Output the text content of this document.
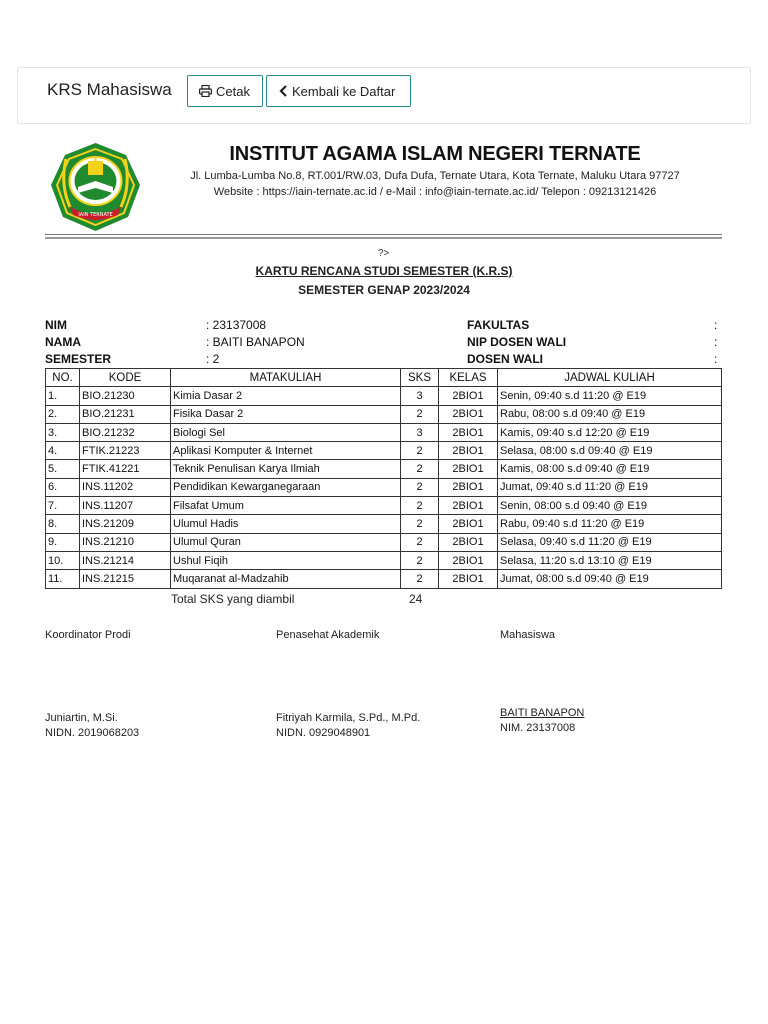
KRS Mahasiswa	Cetak	Kembali ke Daftar
IAIN TERNATE
INSTITUT AGAMA ISLAM NEGERI TERNATE
Jl. Lumba-Lumba No.8, RT.001/RW.03, Dufa Dufa, Ternate Utara, Kota Ternate, Maluku Utara 97727
Website : https://iain-ternate.ac.id / e-Mail : info@iain-ternate.ac.id/ Telepon : 09213121426
?>
KARTU RENCANA STUDI SEMESTER (K.R.S)
SEMESTER GENAP 2023/2024
NIM	: 23137008
NAMA	: BAITI BANAPON
SEMESTER	: 2
FAKULTAS	:
NIP DOSEN WALI	:
DOSEN WALI	:
NO.	KODE	MATAKULIAH	SKS	KELAS	JADWAL KULIAH
1.	BIO.21230	Kimia Dasar 2	3	2BIO1	Senin, 09:40 s.d 11:20 @ E19
2.	BIO.21231	Fisika Dasar 2	2	2BIO1	Rabu, 08:00 s.d 09:40 @ E19
3.	BIO.21232	Biologi Sel	3	2BIO1	Kamis, 09:40 s.d 12:20 @ E19
4.	FTIK.21223	Aplikasi Komputer & Internet	2	2BIO1	Selasa, 08:00 s.d 09:40 @ E19
5.	FTIK.41221	Teknik Penulisan Karya Ilmiah	2	2BIO1	Kamis, 08:00 s.d 09:40 @ E19
6.	INS.11202	Pendidikan Kewarganegaraan	2	2BIO1	Jumat, 09:40 s.d 11:20 @ E19
7.	INS.11207	Filsafat Umum	2	2BIO1	Senin, 08:00 s.d 09:40 @ E19
8.	INS.21209	Ulumul Hadis	2	2BIO1	Rabu, 09:40 s.d 11:20 @ E19
9.	INS.21210	Ulumul Quran	2	2BIO1	Selasa, 09:40 s.d 11:20 @ E19
10.	INS.21214	Ushul Fiqih	2	2BIO1	Selasa, 11:20 s.d 13:10 @ E19
11.	INS.21215	Muqaranat al-Madzahib	2	2BIO1	Jumat, 08:00 s.d 09:40 @ E19
Total SKS yang diambil	24
Koordinator Prodi
Juniartin, M.Si.
NIDN. 2019068203
Penasehat Akademik
Fitriyah Karmila, S.Pd., M.Pd.
NIDN. 0929048901
Mahasiswa
BAITI BANAPON
NIM. 23137008
